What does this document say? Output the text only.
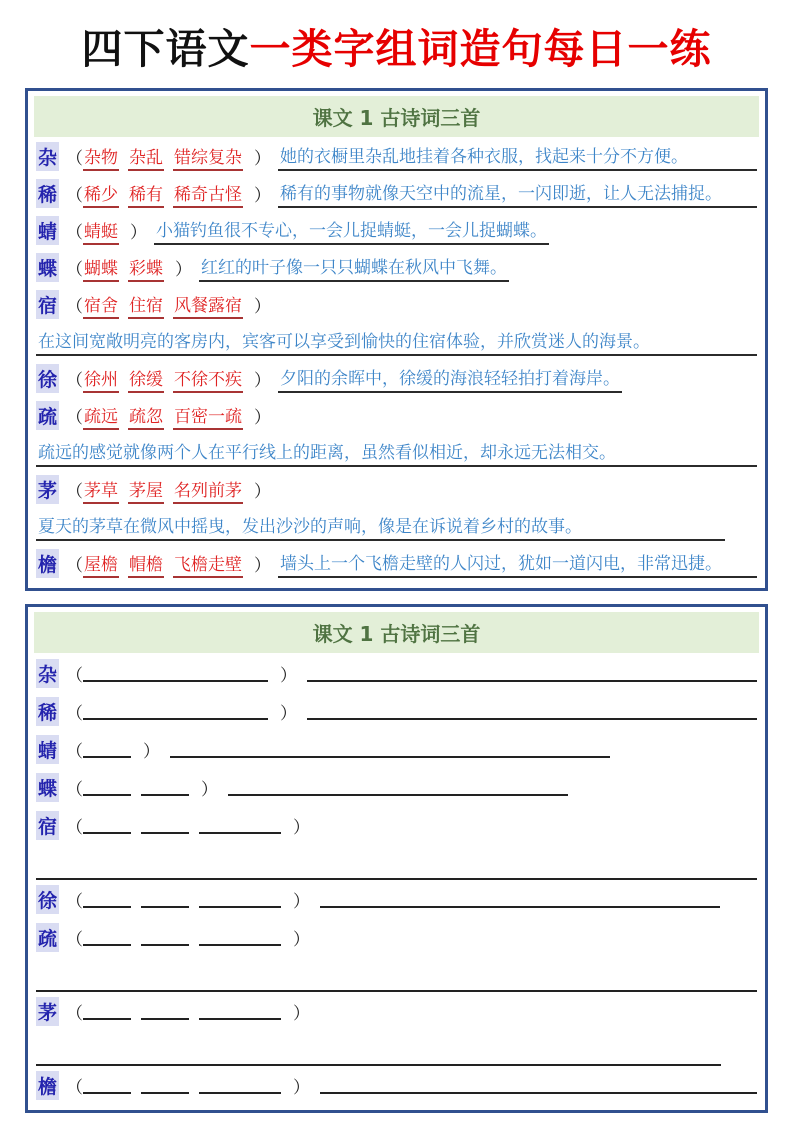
四下语文一类字组词造句每日一练
课文 1 古诗词三首
杂 （ 杂物 杂乱 错综复杂 ） 她的衣橱里杂乱地挂着各种衣服，找起来十分不方便。
稀 （ 稀少 稀有 稀奇古怪 ） 稀有的事物就像天空中的流星，一闪即逝，让人无法捕捉。
蜻 （ 蜻蜓 ） 小猫钓鱼很不专心，一会儿捉蜻蜓，一会儿捉蝴蝶。
蝶 （ 蝴蝶 彩蝶 ） 红红的叶子像一只只蝴蝶在秋风中飞舞。
宿 （ 宿舍 住宿 风餐露宿 ）
在这间宽敞明亮的客房内，宾客可以享受到愉快的住宿体验，并欣赏迷人的海景。
徐 （ 徐州 徐缓 不徐不疾 ） 夕阳的余晖中，徐缓的海浪轻轻拍打着海岸。
疏 （ 疏远 疏忽 百密一疏 ）
疏远的感觉就像两个人在平行线上的距离，虽然看似相近，却永远无法相交。
茅 （ 茅草 茅屋 名列前茅 ）
夏天的茅草在微风中摇曳，发出沙沙的声响，像是在诉说着乡村的故事。
檐 （ 屋檐 帽檐 飞檐走壁 ） 墙头上一个飞檐走壁的人闪过，犹如一道闪电，非常迅捷。
课文 1 古诗词三首
杂 （	）
稀 （	）
蜻 （	）
蝶 （	）
宿 （	）
徐 （	）
疏 （	）
茅 （	）
檐 （	）
